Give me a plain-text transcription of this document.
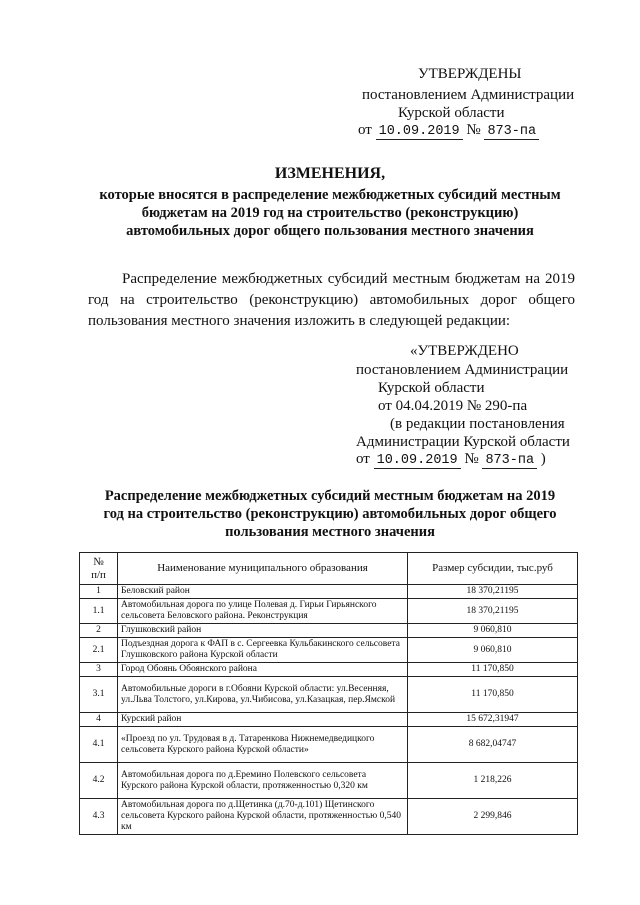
УТВЕРЖДЕНЫ
постановлением Администрации
Курской области
от 10.09.2019 № 873-па
ИЗМЕНЕНИЯ,
которые вносятся в распределение межбюджетных субсидий местным
бюджетам на 2019 год на строительство (реконструкцию)
автомобильных дорог общего пользования местного значения
Распределение межбюджетных субсидий местным бюджетам на 2019 год на строительство (реконструкцию) автомобильных дорог общего пользования местного значения изложить в следующей редакции:
«УТВЕРЖДЕНО
постановлением Администрации
Курской области
от 04.04.2019 № 290-па
(в редакции постановления
Администрации Курской области
от 10.09.2019 № 873-па )
Распределение межбюджетных субсидий местным бюджетам на 2019
год на строительство (реконструкцию) автомобильных дорог общего
пользования местного значения
№
п/п	Наименование муниципального образования	Размер субсидии, тыс.руб
1	Беловский район	18 370,21195
1.1	Автомобильная дорога по улице Полевая д. Гирьи Гирьянского сельсовета Беловского района. Реконструкция	18 370,21195
2	Глушковский район	9 060,810
2.1	Подъездная дорога к ФАП в с. Сергеевка Кульбакинского сельсовета Глушковского района Курской области	9 060,810
3	Город Обоянь Обоянского района	11 170,850
3.1	Автомобильные дороги в г.Обояни Курской области: ул.Весенняя, ул.Льва Толстого, ул.Кирова, ул.Чибисова, ул.Казацкая, пер.Ямской	11 170,850
4	Курский район	15 672,31947
4.1	«Проезд по ул. Трудовая в д. Татаренкова Нижнемедведицкого сельсовета Курского района Курской области»	8 682,04747
4.2	Автомобильная дорога по д.Еремино Полевского сельсовета Курского района Курской области, протяженностью 0,320 км	1 218,226
4.3	Автомобильная дорога по д.Щетинка (д.70-д.101) Щетинского сельсовета Курского района Курской области, протяженностью 0,540 км	2 299,846
